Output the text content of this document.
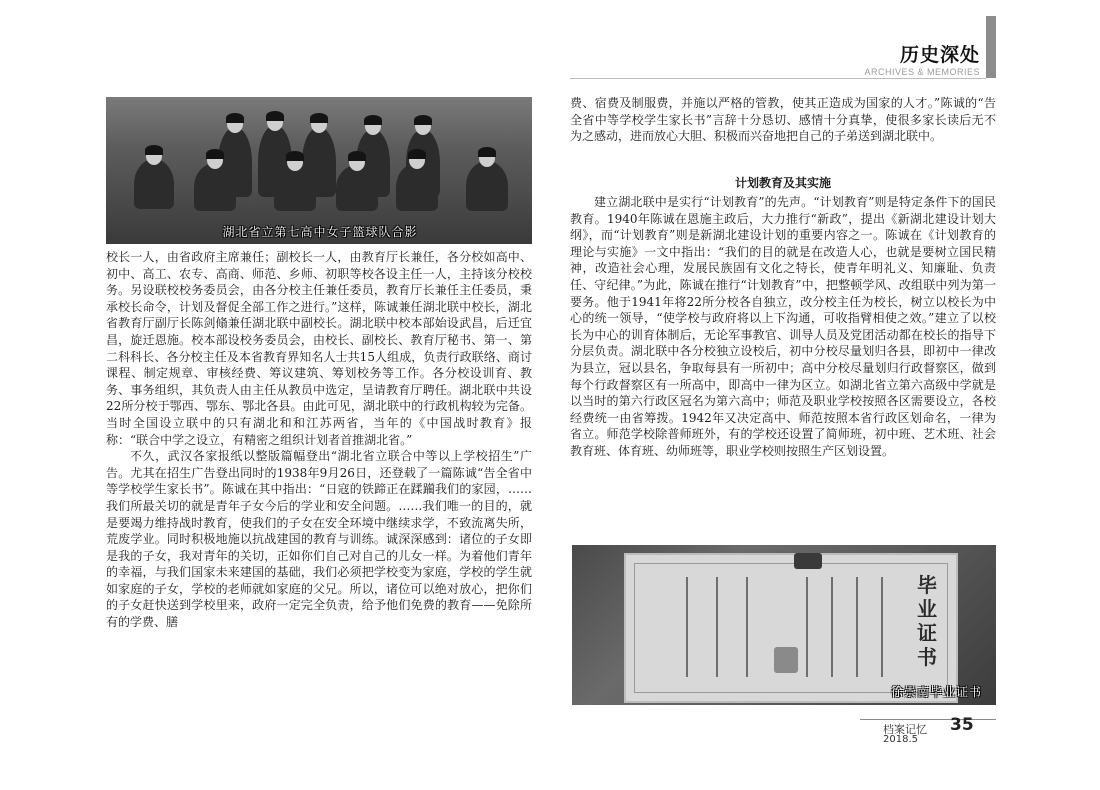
历史深处
ARCHIVES & MEMORIES
湖北省立第七高中女子篮球队合影

校长一人，由省政府主席兼任；副校长一人，由教育厅长兼任，各分校如高中、初中、高工、农专、高商、师范、乡师、初职等校各设主任一人，主持该分校校务。另设联校校务委员会，由各分校主任兼任委员，教育厅长兼任主任委员，秉承校长命令，计划及督促全部工作之进行。”这样，陈诚兼任湖北联中校长，湖北省教育厅副厅长陈剑翛兼任湖北联中副校长。湖北联中校本部始设武昌，后迁宜昌，旋迁恩施。校本部设校务委员会，由校长、副校长、教育厅秘书、第一、第二科科长、各分校主任及本省教育界知名人士共15人组成，负责行政联络、商讨课程、制定规章、审核经费、筹议建筑、筹划校务等工作。各分校设训育、教务、事务组织，其负责人由主任从教员中选定，呈请教育厅聘任。湖北联中共设22所分校于鄂西、鄂东、鄂北各县。由此可见，湖北联中的行政机构较为完备。当时全国设立联中的只有湖北和和江苏两省，当年的《中国战时教育》报称：“联合中学之设立，有精密之组织计划者首推湖北省。”

不久，武汉各家报纸以整版篇幅登出“湖北省立联合中等以上学校招生”广告。尤其在招生广告登出同时的1938年9月26日，还登载了一篇陈诚“告全省中等学校学生家长书”。陈诚在其中指出：“日寇的铁蹄正在蹂躏我们的家园，……我们所最关切的就是青年子女今后的学业和安全问题。……我们唯一的目的，就是要竭力维持战时教育，使我们的子女在安全环境中继续求学，不致流离失所，荒废学业。同时积极地施以抗战建国的教育与训练。诚深深感到：诸位的子女即是我的子女，我对青年的关切，正如你们自己对自己的儿女一样。为着他们青年的幸福，与我们国家未来建国的基础，我们必须把学校变为家庭，学校的学生就如家庭的子女，学校的老师就如家庭的父兄。所以，诸位可以绝对放心，把你们的子女赶快送到学校里来，政府一定完全负责，给予他们免费的教育——免除所有的学费、膳

费、宿费及制服费，并施以严格的管教，使其正造成为国家的人才。”陈诚的“告全省中等学校学生家长书”言辞十分恳切、感情十分真挚，使很多家长读后无不为之感动，进而放心大胆、积极而兴奋地把自己的子弟送到湖北联中。

计划教育及其实施

建立湖北联中是实行“计划教育”的先声。“计划教育”则是特定条件下的国民教育。1940年陈诚在恩施主政后，大力推行“新政”，提出《新湖北建设计划大纲》，而“计划教育”则是新湖北建设计划的重要内容之一。陈诚在《计划教育的理论与实施》一文中指出：“我们的目的就是在改造人心，也就是要树立国民精神，改造社会心理，发展民族固有文化之特长，使青年明礼义、知廉耻、负责任、守纪律。”为此，陈诚在推行“计划教育”中，把整顿学风、改组联中列为第一要务。他于1941年将22所分校各自独立，改分校主任为校长，树立以校长为中心的统一领导，“使学校与政府将以上下沟通，可收指臂相使之效。”建立了以校长为中心的训育体制后，无论军事教官、训导人员及党团活动都在校长的指导下分层负责。湖北联中各分校独立设校后，初中分校尽量划归各县，即初中一律改为县立，冠以县名，争取每县有一所初中；高中分校尽量划归行政督察区，做到每个行政督察区有一所高中，即高中一律为区立。如湖北省立第六高级中学就是以当时的第六行政区冠名为第六高中；师范及职业学校按照各区需要设立，各校经费统一由省筹拨。1942年又决定高中、师范按照本省行政区划命名，一律为省立。师范学校除普师班外，有的学校还设置了简师班，初中班、艺术班、社会教育班、体育班、幼师班等，职业学校则按照生产区划设置。

毕业证书
徐崇南毕业证书
档案记忆 35
2018.5
